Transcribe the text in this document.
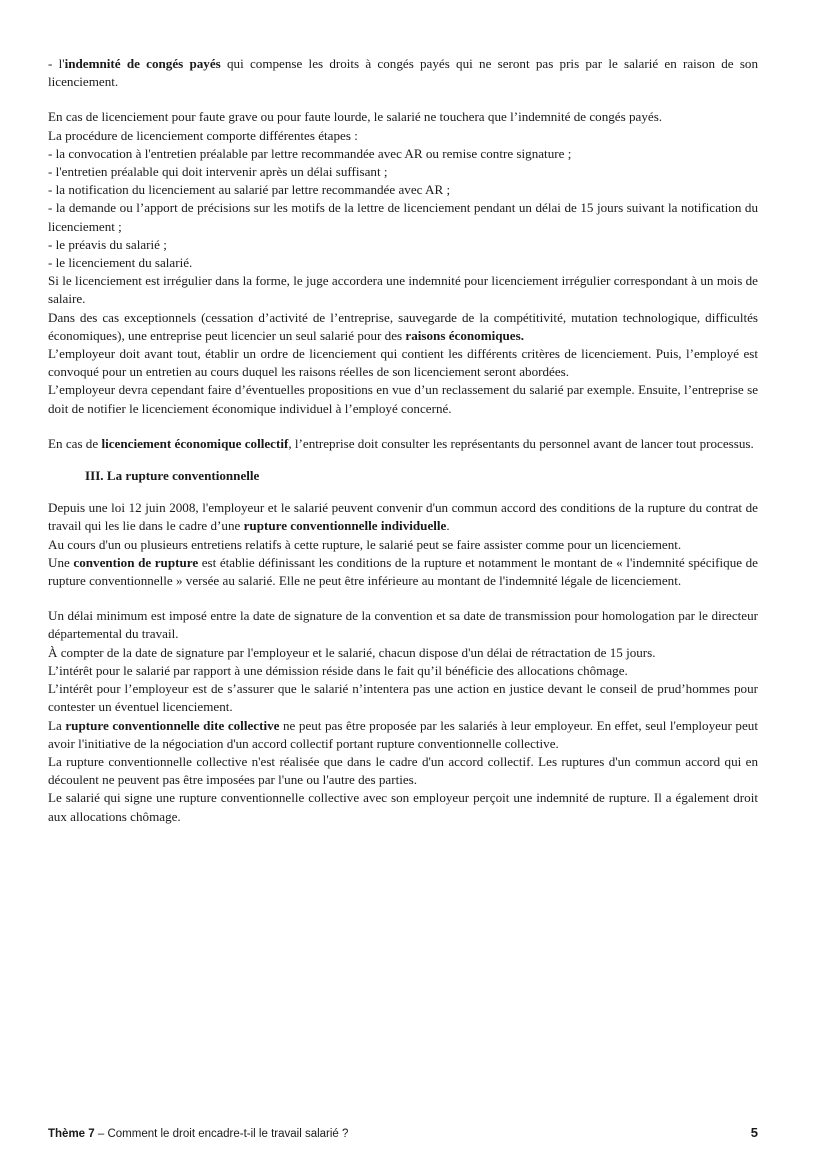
- l'indemnité de congés payés qui compense les droits à congés payés qui ne seront pas pris par le salarié en raison de son licenciement.

En cas de licenciement pour faute grave ou pour faute lourde, le salarié ne touchera que l’indemnité de congés payés.

La procédure de licenciement comporte différentes étapes :

- la convocation à l'entretien préalable par lettre recommandée avec AR ou remise contre signature ;

- l'entretien préalable qui doit intervenir après un délai suffisant ;

- la notification du licenciement au salarié par lettre recommandée avec AR ;

- la demande ou l’apport de précisions sur les motifs de la lettre de licenciement pendant un délai de 15 jours suivant la notification du licenciement ;

- le préavis du salarié ;

- le licenciement du salarié.

Si le licenciement est irrégulier dans la forme, le juge accordera une indemnité pour licenciement irrégulier correspondant à un mois de salaire.

Dans des cas exceptionnels (cessation d’activité de l’entreprise, sauvegarde de la compétitivité, mutation technologique, difficultés économiques), une entreprise peut licencier un seul salarié pour des raisons économiques.

L’employeur doit avant tout, établir un ordre de licenciement qui contient les différents critères de licenciement. Puis, l’employé est convoqué pour un entretien au cours duquel les raisons réelles de son licenciement seront abordées.

L’employeur devra cependant faire d’éventuelles propositions en vue d’un reclassement du salarié par exemple. Ensuite, l’entreprise se doit de notifier le licenciement économique individuel à l’employé concerné.

En cas de licenciement économique collectif, l’entreprise doit consulter les représentants du personnel avant de lancer tout processus.

III. La rupture conventionnelle

Depuis une loi 12 juin 2008, l'employeur et le salarié peuvent convenir d'un commun accord des conditions de la rupture du contrat de travail qui les lie dans le cadre d’une rupture conventionnelle individuelle.

Au cours d'un ou plusieurs entretiens relatifs à cette rupture, le salarié peut se faire assister comme pour un licenciement.

Une convention de rupture est établie définissant les conditions de la rupture et notamment le montant de « l'indemnité spécifique de rupture conventionnelle » versée au salarié. Elle ne peut être inférieure au montant de l'indemnité légale de licenciement.

Un délai minimum est imposé entre la date de signature de la convention et sa date de transmission pour homologation par le directeur départemental du travail.

À compter de la date de signature par l'employeur et le salarié, chacun dispose d'un délai de rétractation de 15 jours.

L’intérêt pour le salarié par rapport à une démission réside dans le fait qu’il bénéficie des allocations chômage.

L’intérêt pour l’employeur est de s’assurer que le salarié n’intentera pas une action en justice devant le conseil de prud’hommes pour contester un éventuel licenciement.

La rupture conventionnelle dite collective ne peut pas être proposée par les salariés à leur employeur. En effet, seul l'employeur peut avoir l'initiative de la négociation d'un accord collectif portant rupture conventionnelle collective.

La rupture conventionnelle collective n'est réalisée que dans le cadre d'un accord collectif. Les ruptures d'un commun accord qui en découlent ne peuvent pas être imposées par l'une ou l'autre des parties.

Le salarié qui signe une rupture conventionnelle collective avec son employeur perçoit une indemnité de rupture. Il a également droit aux allocations chômage.

Thème 7 – Comment le droit encadre-t-il le travail salarié ?	5
